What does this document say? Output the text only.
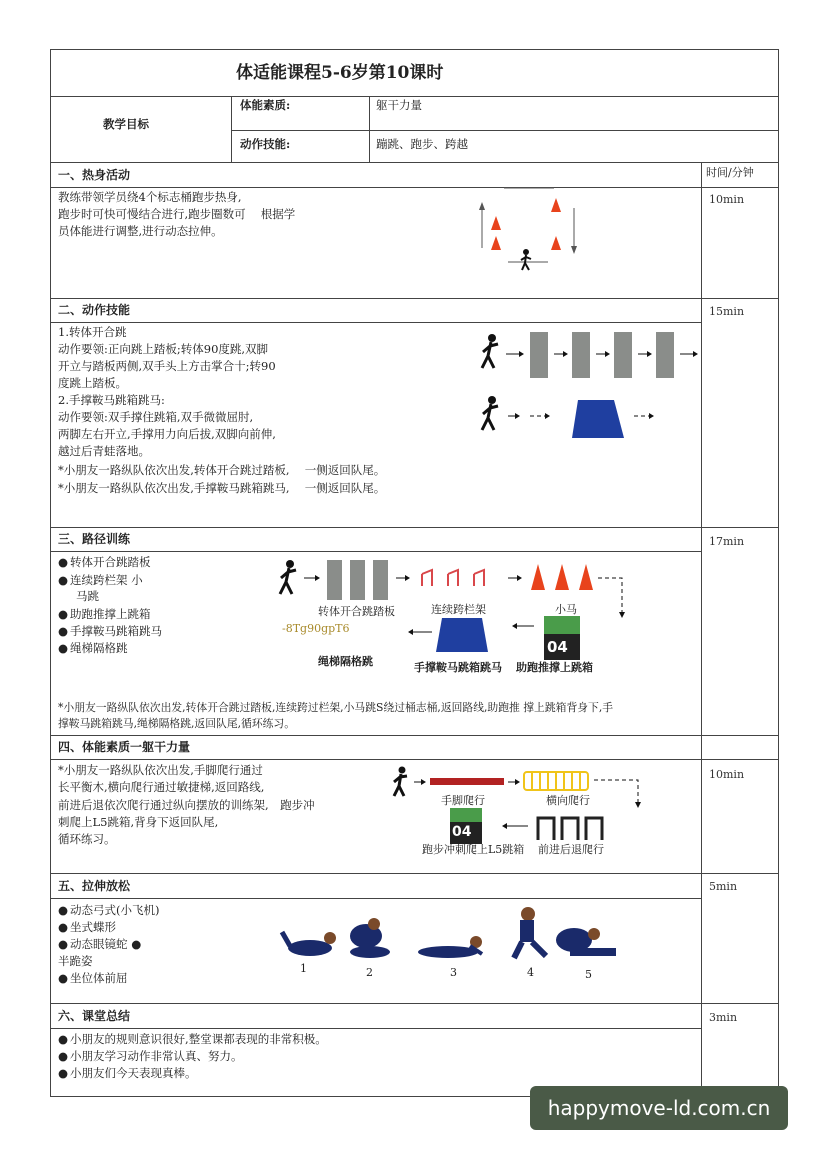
体适能课程5-6岁第10课时
教学目标
体能素质:	躯干力量
动作技能:	蹦跳、跑步、跨越
时间/分钟
一、热身活动
10min
教练带领学员绕4个标志桶跑步热身,
跑步时可快可慢结合进行,跑步圈数可　 根据学
员体能进行调整,进行动态拉伸。
二、动作技能	15min
1.转体开合跳
动作要领:正向跳上踏板;转体90度跳,双脚
开立与踏板两侧,双手头上方击掌合十;转90
度跳上踏板。
2.手撑鞍马跳箱跳马:
动作要领:双手撑住跳箱,双手微微屈肘,
两脚左右开立,手撑用力向后拔,双脚向前伸,
越过后青蛙落地。
*小朋友一路纵队依次出发,转体开合跳过踏板,　 一侧返回队尾。
*小朋友一路纵队依次出发,手撑鞍马跳箱跳马,　 一侧返回队尾。
三、路径训练	17min
● 转体开合跳踏板
● 连续跨栏架 小
马跳
● 助跑推撑上跳箱
● 手撑鞍马跳箱跳马
● 绳梯隔格跳	04
转体开合跳踏板	连续跨栏架	小马
-8Tg90gpT6
绳梯隔格跳	手撑鞍马跳箱跳马 助跑推撑上跳箱
*小朋友一路纵队依次出发,转体开合跳过踏板,连续跨过栏架,小马跳S绕过桶志桶,返回路线,助跑推 撑上跳箱背身下,手
撑鞍马跳箱跳马,绳梯隔格跳,返回队尾,循环练习。
四、体能素质一躯干力量
10min
*小朋友一路纵队依次出发,手脚爬行通过
长平衡木,横向爬行通过敏捷梯,返回路线,
前进后退依次爬行通过纵向摆放的训练架,　跑步冲
刺爬上L5跳箱,背身下返回队尾,
循环练习。	04
手脚爬行	横向爬行
跑步冲刺爬上L5跳箱 前进后退爬行
五、拉伸放松	5min
● 动态弓式(小飞机)
● 坐式蝶形
● 动态眼镜蛇 ●
半跪姿
● 坐位体前屈
1	2	3	4	5
六、课堂总结	3min
● 小朋友的规则意识很好,整堂课都表现的非常积极。
● 小朋友学习动作非常认真、努力。
● 小朋友们今天表现真棒。
happymove-ld.com.cn
